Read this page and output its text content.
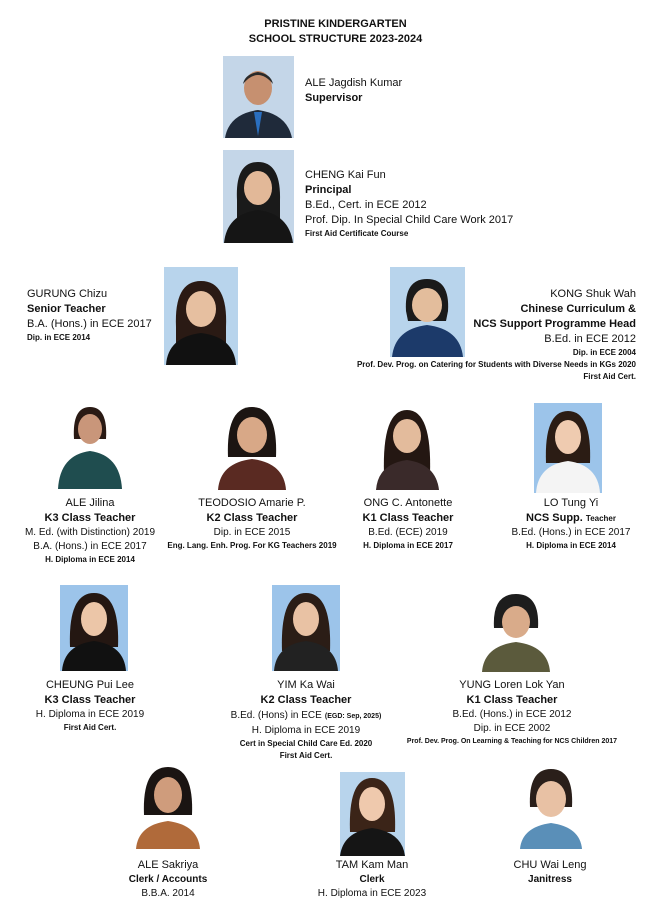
PRISTINE KINDERGARTEN
SCHOOL STRUCTURE 2023-2024
ALE Jagdish Kumar
Supervisor
CHENG Kai Fun
Principal
B.Ed., Cert. in ECE 2012
Prof. Dip. In Special Child Care Work 2017
First Aid Certificate Course
GURUNG Chizu
Senior Teacher
B.A. (Hons.) in ECE 2017
Dip. in ECE 2014
KONG Shuk Wah
Chinese Curriculum &
NCS Support Programme Head
B.Ed. in ECE 2012
Dip. in ECE 2004
Prof. Dev. Prog. on Catering for Students with Diverse Needs in KGs 2020
First Aid Cert.
ALE Jilina
K3 Class Teacher
M. Ed. (with Distinction) 2019
B.A. (Hons.) in ECE 2017
H. Diploma in ECE 2014
TEODOSIO Amarie P.
K2 Class Teacher
Dip. in ECE 2015
Eng. Lang. Enh. Prog. For KG Teachers 2019
ONG C. Antonette
K1 Class Teacher
B.Ed. (ECE) 2019
H. Diploma in ECE 2017
LO Tung Yi
NCS Supp. Teacher
B.Ed. (Hons.) in ECE 2017
H. Diploma in ECE 2014
CHEUNG Pui Lee
K3 Class Teacher
H. Diploma in ECE 2019
First Aid Cert.
YIM Ka Wai
K2 Class Teacher
B.Ed. (Hons) in ECE (EGD: Sep, 2025)
H. Diploma in ECE 2019
Cert in Special Child Care Ed. 2020
First Aid Cert.
YUNG Loren Lok Yan
K1 Class Teacher
B.Ed. (Hons.) in ECE 2012
Dip. in ECE 2002
Prof. Dev. Prog. On Learning & Teaching for NCS Children 2017
ALE Sakriya
Clerk / Accounts
B.B.A. 2014
TAM Kam Man
Clerk
H. Diploma in ECE 2023
CHU Wai Leng
Janitress
